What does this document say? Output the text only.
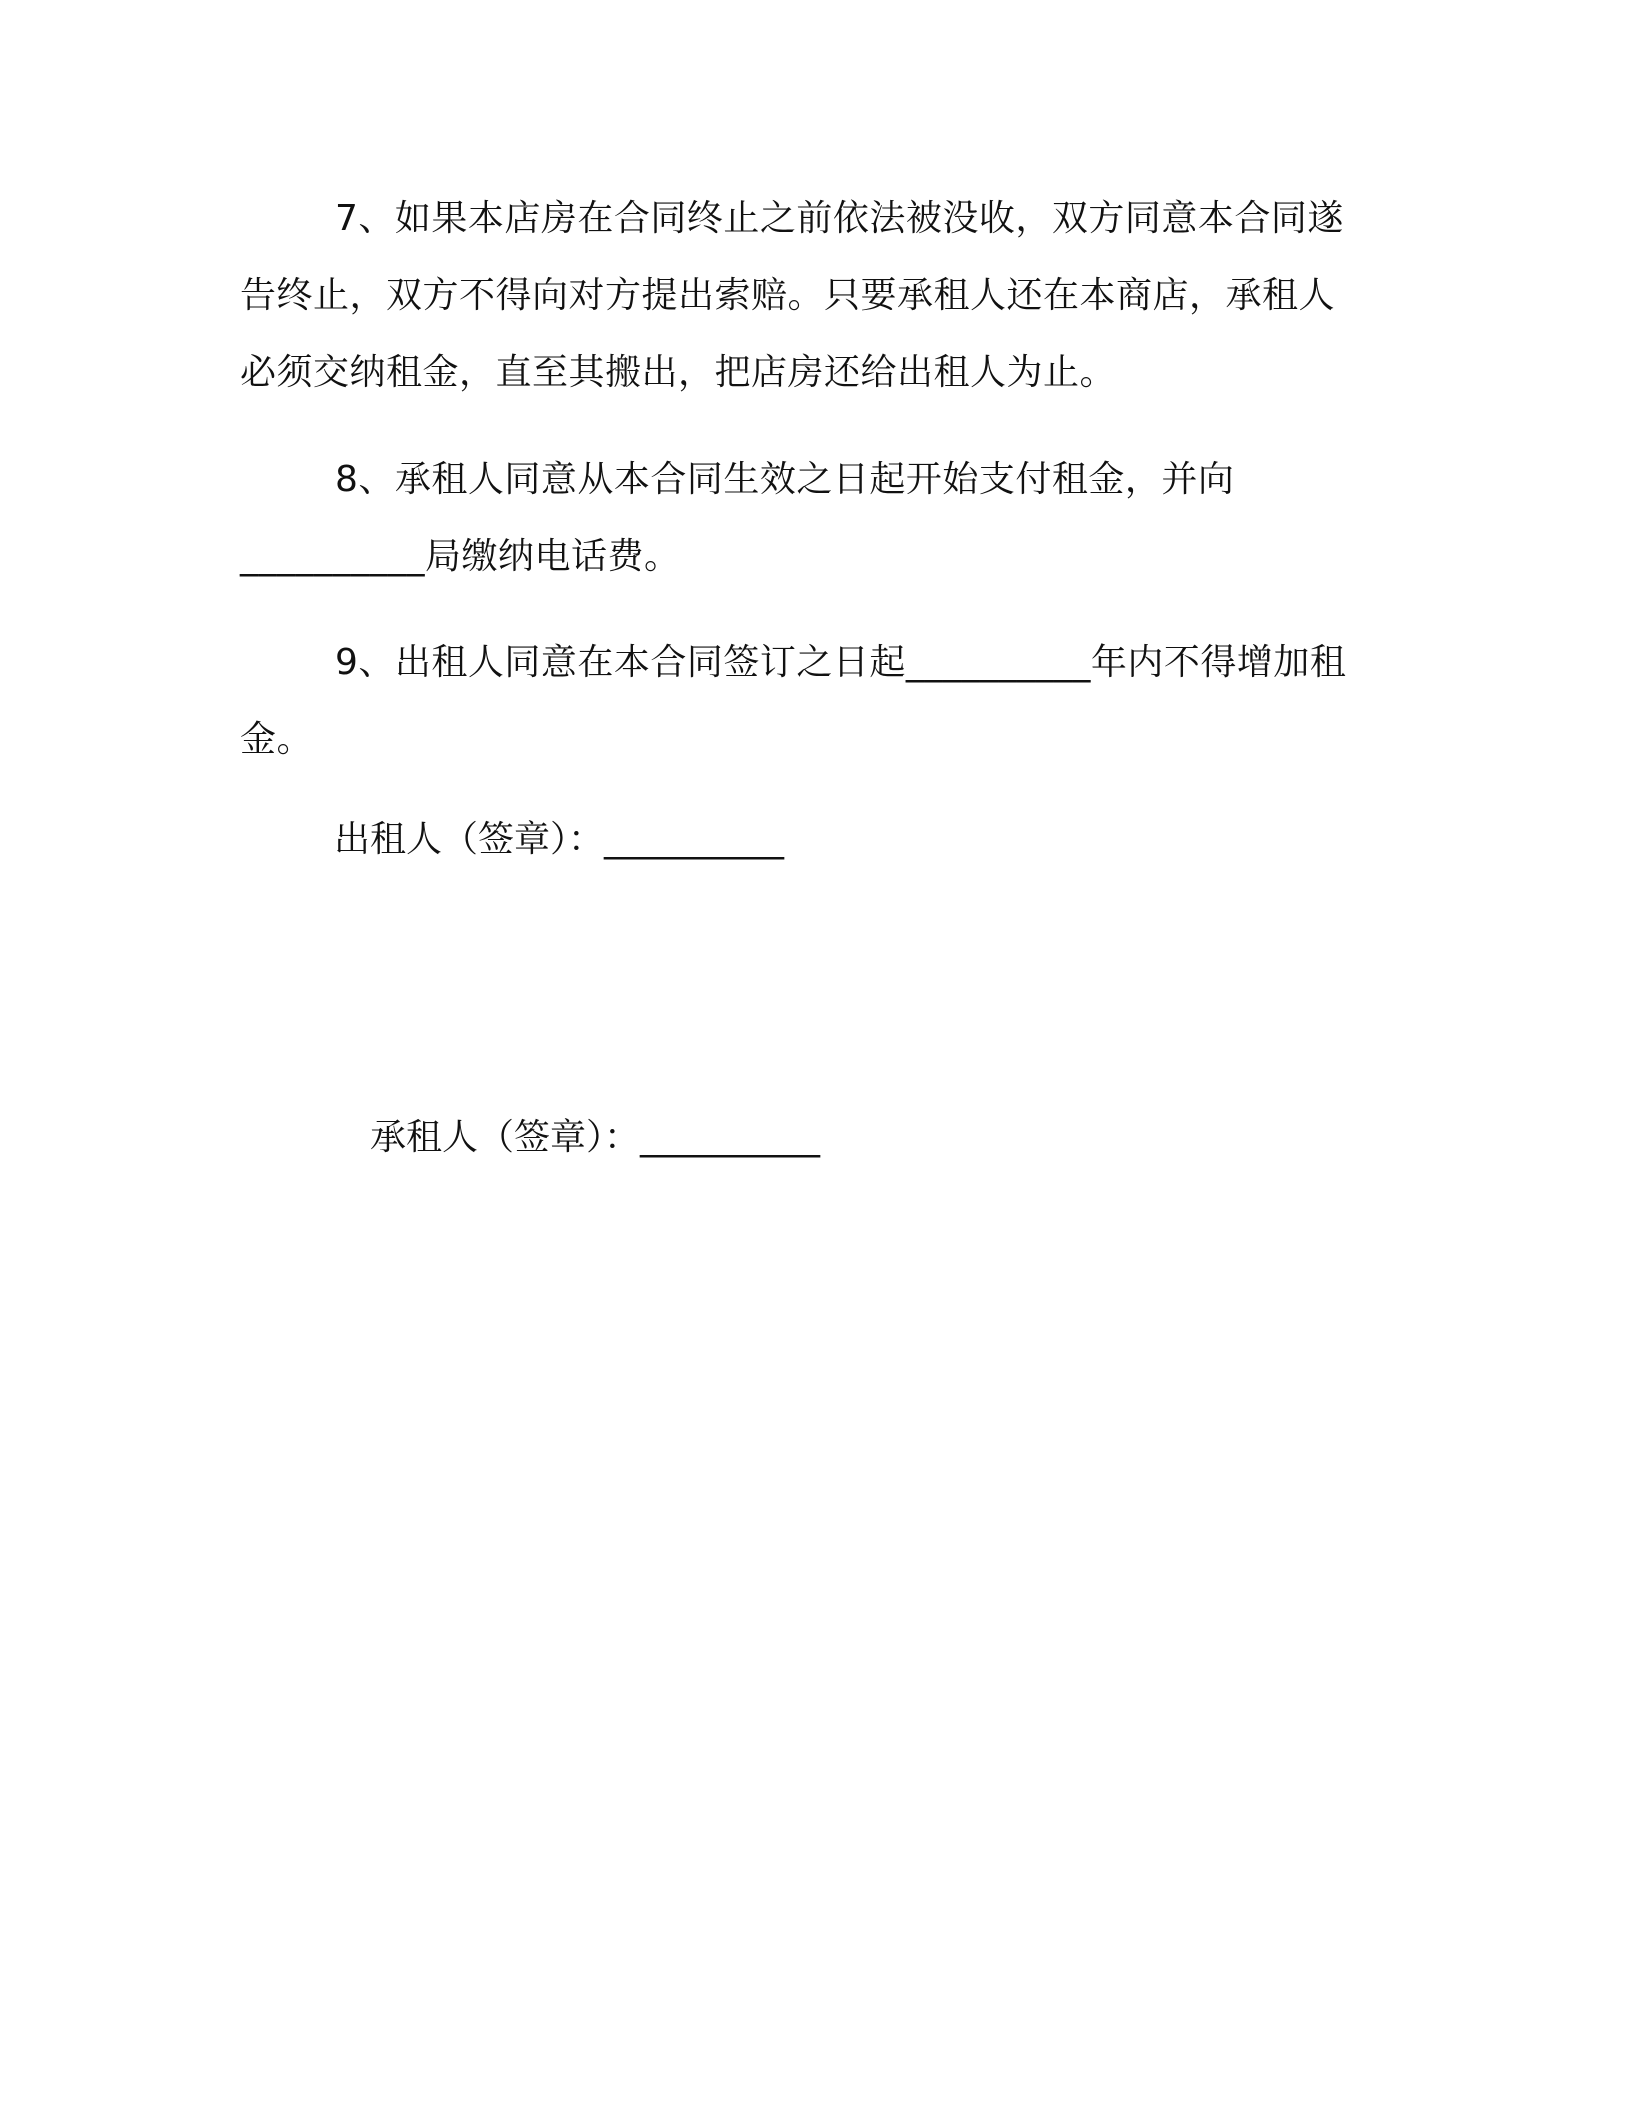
7、如果本店房在合同终止之前依法被没收，双方同意本合同遂告终止，双方不得向对方提出索赔。只要承租人还在本商店，承租人必须交纳租金，直至其搬出，把店房还给出租人为止。

8、承租人同意从本合同生效之日起开始支付租金，并向__________局缴纳电话费。

9、出租人同意在本合同签订之日起__________年内不得增加租金。

出租人（签章）：__________

承租人（签章）：__________
